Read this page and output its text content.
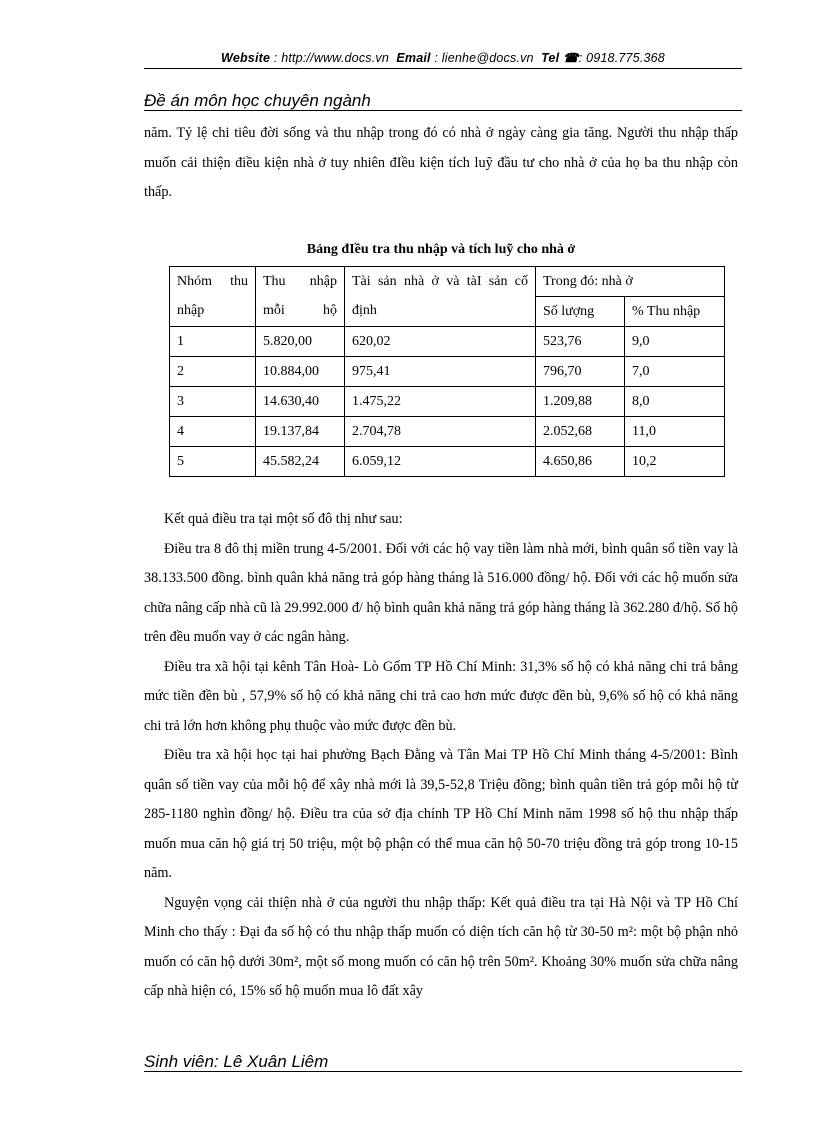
Website : http://www.docs.vn Email : lienhe@docs.vn Tel ☎: 0918.775.368
Đề án môn học chuyên ngành

năm. Tỷ lệ chi tiêu đời sống và thu nhập trong đó có nhà ở ngày càng gia tăng. Người thu nhập thấp muốn cải thiện điều kiện nhà ở tuy nhiên đIều kiện tích luỹ đầu tư cho nhà ở của họ ba thu nhập còn thấp.

Bảng đIều tra thu nhập và tích luỹ cho nhà ở
Nhóm thu nhập	Thu nhập mỗi hộ	Tài sản nhà ở và tàI sản cố định	Trong đó: nhà ở	
			Số lượng	% Thu nhập
1	5.820,00	620,02	523,76	9,0
2	10.884,00	975,41	796,70	7,0
3	14.630,40	1.475,22	1.209,88	8,0
4	19.137,84	2.704,78	2.052,68	11,0
5	45.582,24	6.059,12	4.650,86	10,2

Kết quả điều tra tại một số đô thị như sau:

Điều tra 8 đô thị miền trung 4-5/2001. Đối với các hộ vay tiền làm nhà mới, bình quân số tiền vay là 38.133.500 đồng. bình quân khả năng trả góp hàng tháng là 516.000 đồng/ hộ. Đối với các hộ muốn sửa chữa nâng cấp nhà cũ là 29.992.000 đ/ hộ bình quân khả năng trả góp hàng tháng là 362.280 đ/hộ. Số hộ trên đều muốn vay ở các ngân hàng.

Điều tra xã hội tại kênh Tân Hoà- Lò Gốm TP Hồ Chí Minh: 31,3% số hộ có khả năng chi trả bằng mức tiền đền bù , 57,9% số hộ có khả năng chi trả cao hơn mức được đền bù, 9,6% số hộ có khả năng chi trả lớn hơn không phụ thuộc vào mức được đền bù.

Điều tra xã hội học tại hai phường Bạch Đằng và Tân Mai TP Hồ Chí Minh tháng 4-5/2001: Bình quân số tiền vay của mỗi hộ để xây nhà mới là 39,5-52,8 Triệu đồng; bình quân tiền trả góp mỗi hộ từ 285-1180 nghìn đồng/ hộ. Điều tra của sở địa chính TP Hồ Chí Minh năm 1998 số hộ thu nhập thấp muốn mua căn hộ giá trị 50 triệu, một bộ phận có thể mua căn hộ 50-70 triệu đồng trả góp trong 10-15 năm.

Nguyện vọng cải thiện nhà ở của người thu nhập thấp: Kết quả điều tra tại Hà Nội và TP Hồ Chí Minh cho thấy : Đại đa số hộ có thu nhập thấp muốn có diện tích căn hộ từ 30-50 m²: một bộ phận nhỏ muốn có căn hộ dưới 30m², một số mong muốn có căn hộ trên 50m². Khoảng 30% muốn sửa chữa nâng cấp nhà hiện có, 15% số hộ muốn mua lô đất xây

Sinh viên: Lê Xuân Liêm
